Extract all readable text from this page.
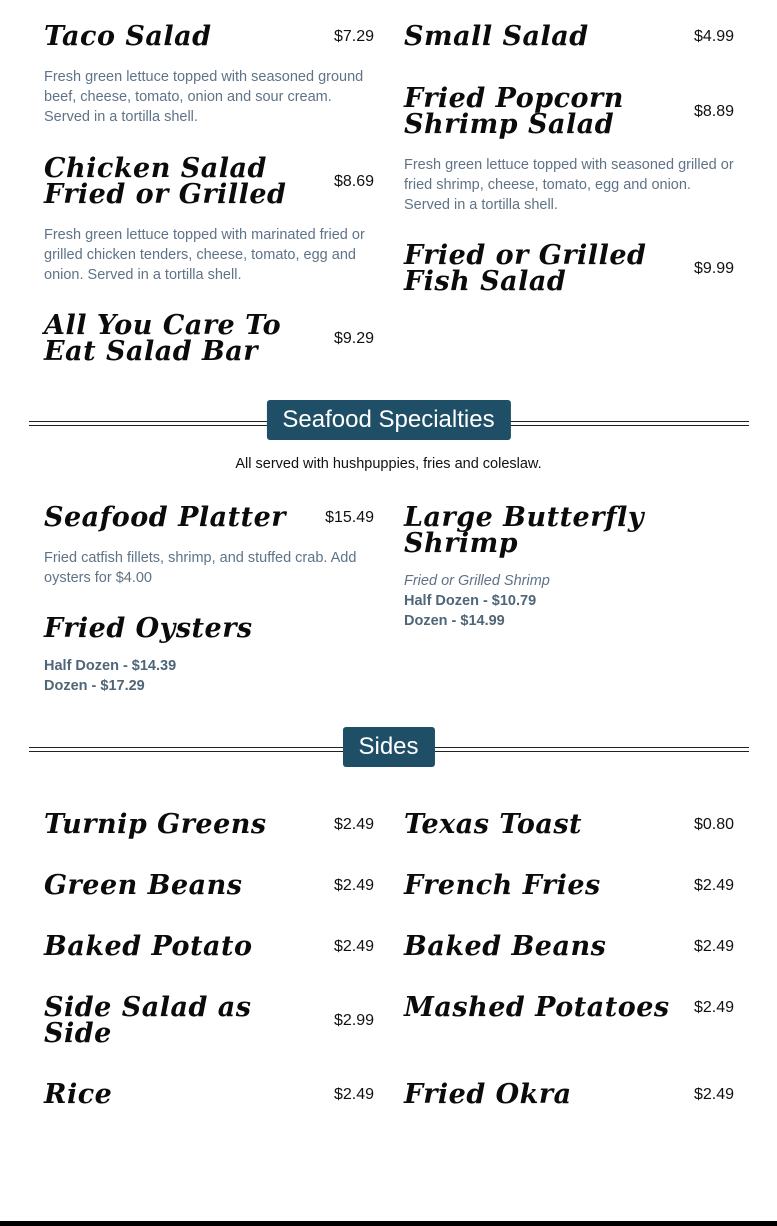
Taco Salad	$7.29
Fresh green lettuce topped with seasoned ground beef, cheese, tomato, onion and sour cream. Served in a tortilla shell.
Chicken Salad Fried or Grilled	$8.69
Fresh green lettuce topped with marinated fried or grilled chicken tenders, cheese, tomato, egg and onion. Served in a tortilla shell.
All You Care To Eat Salad Bar	$9.29
Small Salad	$4.99
Fried Popcorn Shrimp Salad	$8.89
Fresh green lettuce topped with seasoned grilled or fried shrimp, cheese, tomato, egg and onion. Served in a tortilla shell.
Fried or Grilled Fish Salad	$9.99
Seafood Specialties
All served with hushpuppies, fries and coleslaw.
Seafood Platter	$15.49
Fried catfish fillets, shrimp, and stuffed crab. Add oysters for $4.00
Fried Oysters
Half Dozen - $14.39
Dozen - $17.29
Large Butterfly Shrimp
Fried or Grilled Shrimp
Half Dozen - $10.79
Dozen - $14.99
Sides
Turnip Greens	$2.49
Green Beans	$2.49
Baked Potato	$2.49
Side Salad as Side	$2.99
Rice	$2.49
Texas Toast	$0.80
French Fries	$2.49
Baked Beans	$2.49
Mashed Potatoes	$2.49
Fried Okra	$2.49
